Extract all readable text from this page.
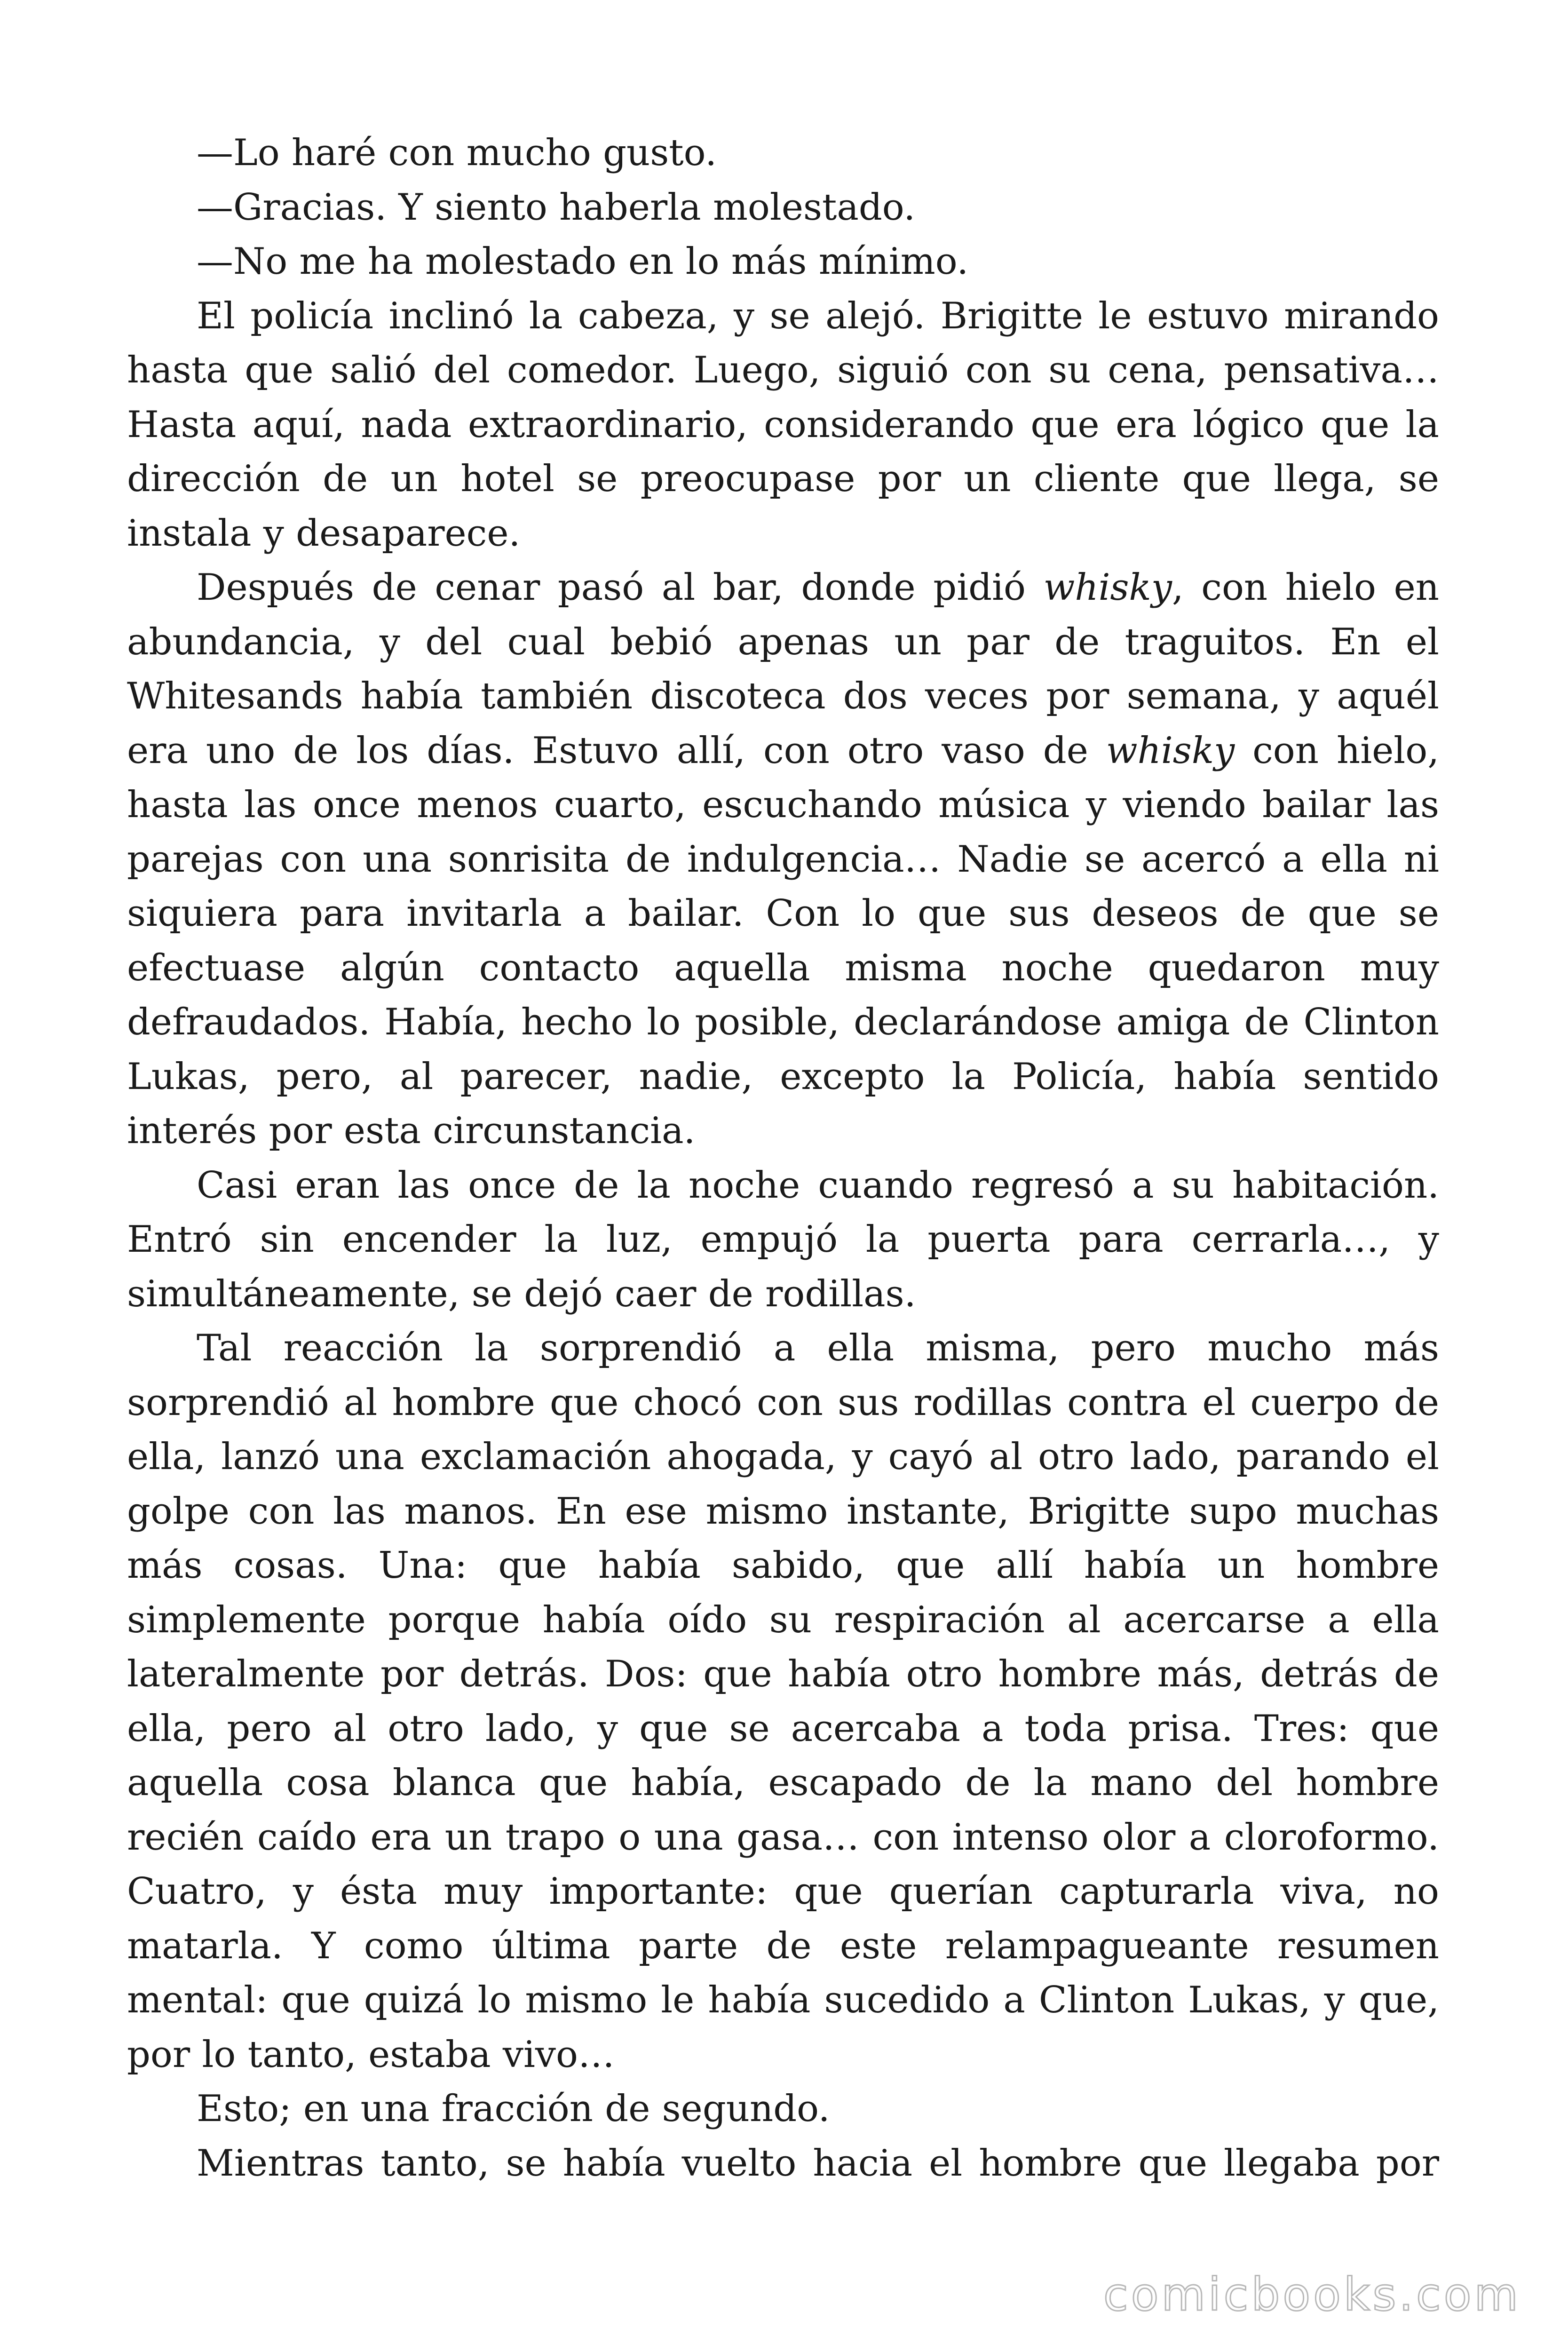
—Lo haré con mucho gusto.

—Gracias. Y siento haberla molestado.

—No me ha molestado en lo más mínimo.

El policía inclinó la cabeza, y se alejó. Brigitte le estuvo mirando hasta que salió del comedor. Luego, siguió con su cena, pensativa… Hasta aquí, nada extraordinario, considerando que era lógico que la dirección de un hotel se preocupase por un cliente que llega, se instala y desaparece.

Después de cenar pasó al bar, donde pidió whisky, con hielo en abundancia, y del cual bebió apenas un par de traguitos. En el Whitesands había también discoteca dos veces por semana, y aquél era uno de los días. Estuvo allí, con otro vaso de whisky con hielo, hasta las once menos cuarto, escuchando música y viendo bailar las parejas con una sonrisita de indulgencia… Nadie se acercó a ella ni siquiera para invitarla a bailar. Con lo que sus deseos de que se efectuase algún contacto aquella misma noche quedaron muy defraudados. Había, hecho lo posible, declarándose amiga de Clinton Lukas, pero, al parecer, nadie, excepto la Policía, había sentido interés por esta circunstancia.

Casi eran las once de la noche cuando regresó a su habitación. Entró sin encender la luz, empujó la puerta para cerrarla…, y simultáneamente, se dejó caer de rodillas.

Tal reacción la sorprendió a ella misma, pero mucho más sorprendió al hombre que chocó con sus rodillas contra el cuerpo de ella, lanzó una exclamación ahogada, y cayó al otro lado, parando el golpe con las manos. En ese mismo instante, Brigitte supo muchas más cosas. Una: que había sabido, que allí había un hombre simplemente porque había oído su respiración al acercarse a ella lateralmente por detrás. Dos: que había otro hombre más, detrás de ella, pero al otro lado, y que se acercaba a toda prisa. Tres: que aquella cosa blanca que había, escapado de la mano del hombre recién caído era un trapo o una gasa… con intenso olor a cloroformo. Cuatro, y ésta muy importante: que querían capturarla viva, no matarla. Y como última parte de este relampagueante resumen mental: que quizá lo mismo le había sucedido a Clinton Lukas, y que, por lo tanto, estaba vivo…

Esto; en una fracción de segundo.

Mientras tanto, se había vuelto hacia el hombre que llegaba por

comicbooks.com
